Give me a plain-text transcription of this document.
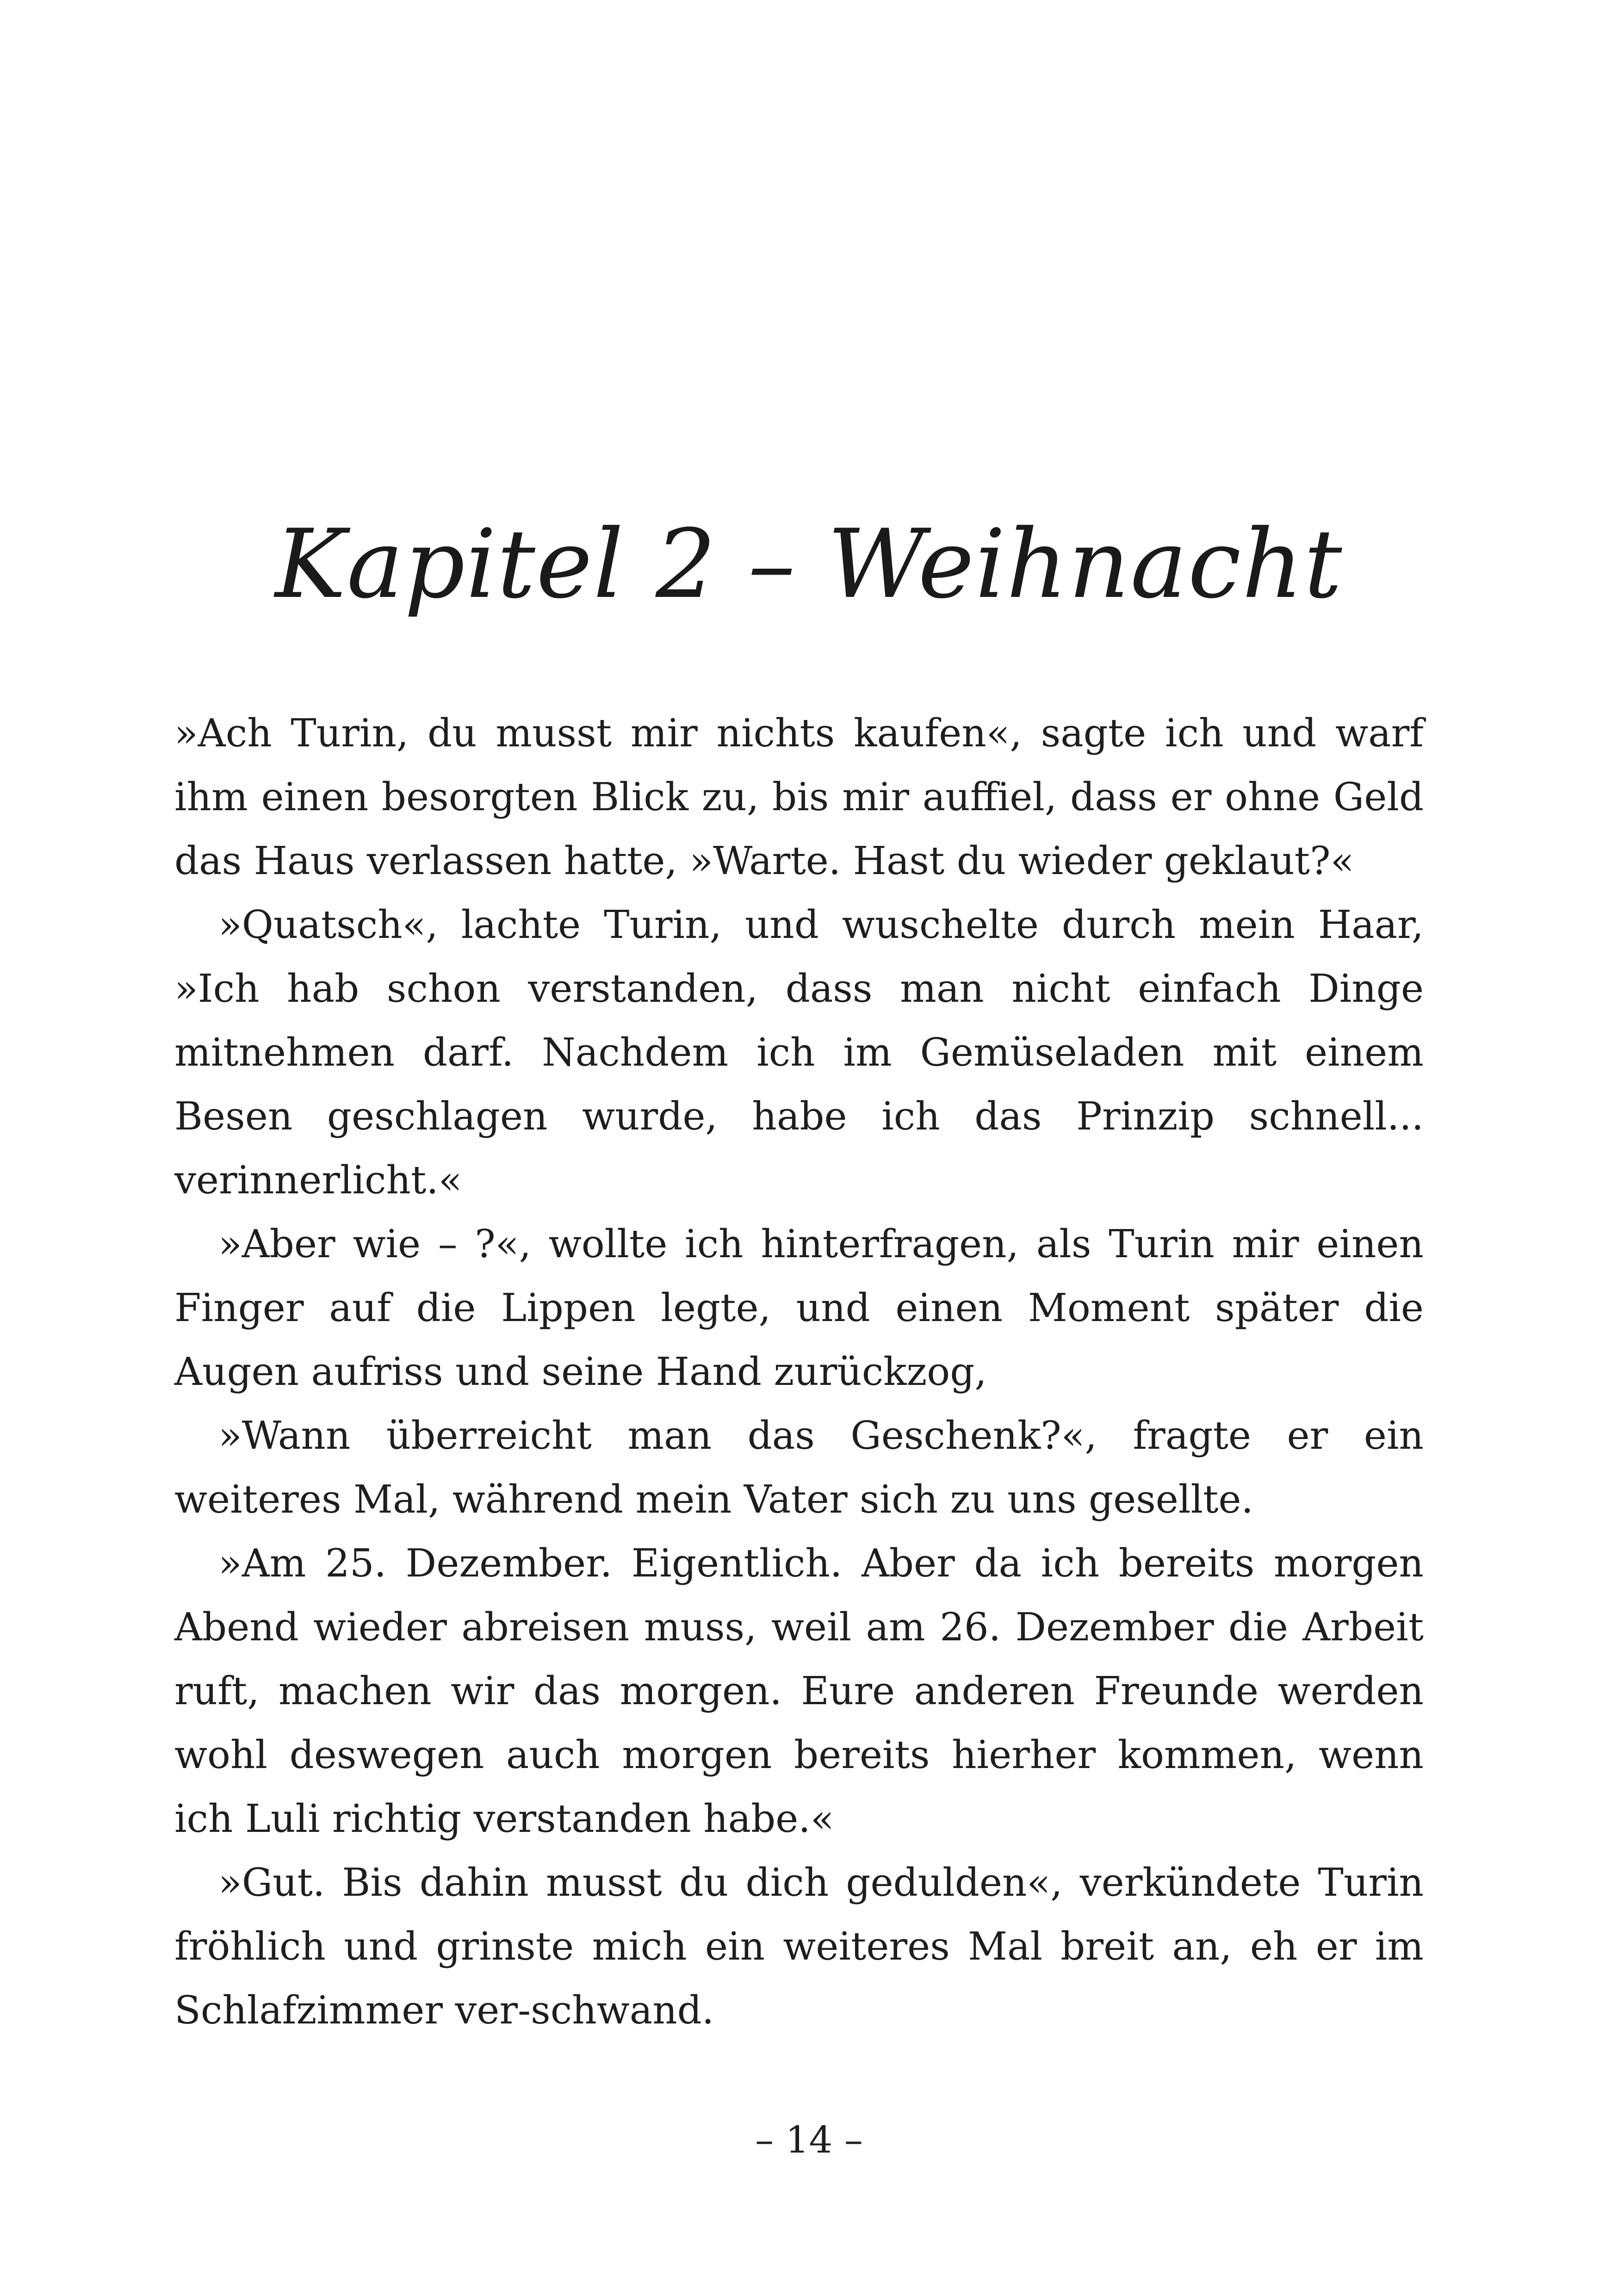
Kapitel 2 – Weihnacht

»Ach Turin, du musst mir nichts kaufen«, sagte ich und warf ihm einen besorgten Blick zu, bis mir auffiel, dass er ohne Geld das Haus verlassen hatte, »Warte. Hast du wieder geklaut?«

»Quatsch«, lachte Turin, und wuschelte durch mein Haar, »Ich hab schon verstanden, dass man nicht einfach Dinge mitnehmen darf. Nachdem ich im Gemüseladen mit einem Besen geschlagen wurde, habe ich das Prinzip schnell... verinnerlicht.«

»Aber wie – ?«, wollte ich hinterfragen, als Turin mir einen Finger auf die Lippen legte, und einen Moment später die Augen aufriss und seine Hand zurückzog,

»Wann überreicht man das Geschenk?«, fragte er ein weiteres Mal, während mein Vater sich zu uns gesellte.

»Am 25. Dezember. Eigentlich. Aber da ich bereits morgen Abend wieder abreisen muss, weil am 26. Dezember die Arbeit ruft, machen wir das morgen. Eure anderen Freunde werden wohl deswegen auch morgen bereits hierher kommen, wenn ich Luli richtig verstanden habe.«

»Gut. Bis dahin musst du dich gedulden«, verkündete Turin fröhlich und grinste mich ein weiteres Mal breit an, eh er im Schlafzimmer ver-schwand.

– 14 –
